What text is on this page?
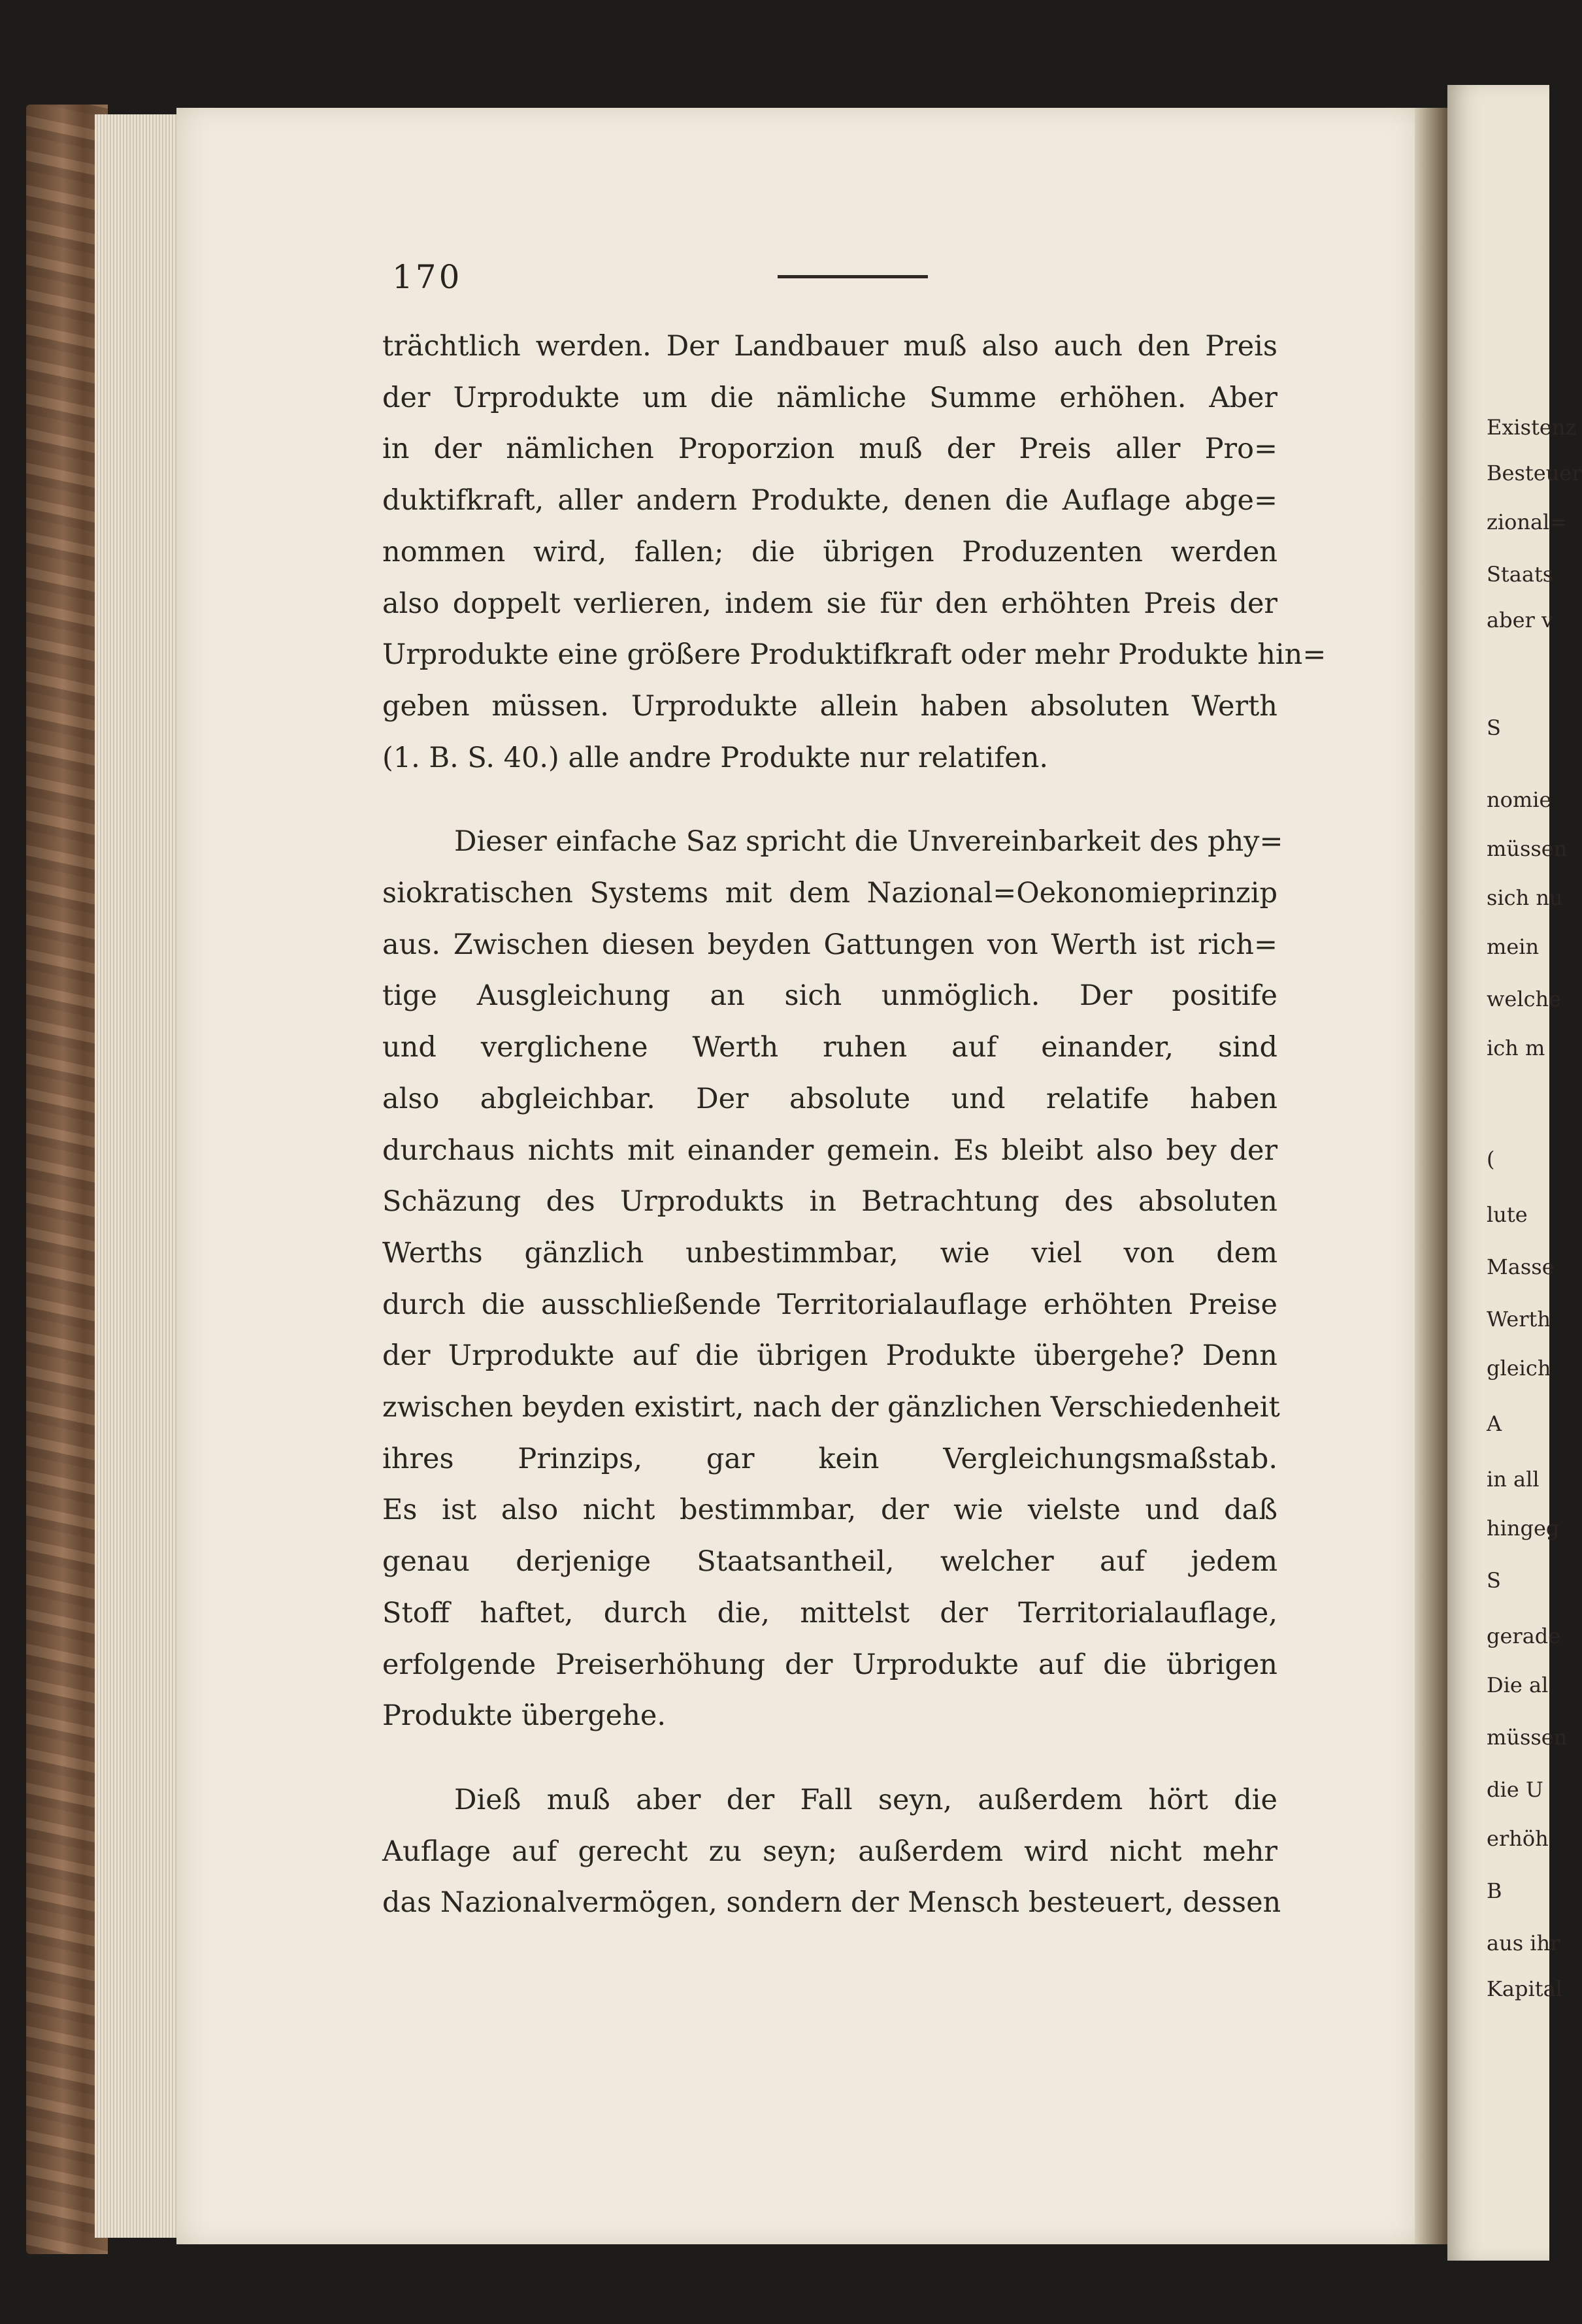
Existenz
Besteuer
zional=
Staats
aber v
S
nomie
müssen
sich nu
mein
welche
ich m
(
lute
Masse
Werth
gleich
A
in all
hingeg
S
gerade
Die al
müssen
die U
erhöh
B
aus ihr
Kapital
170
trächtlich werden. Der Landbauer muß also auch den Preis
der Urprodukte um die nämliche Summe erhöhen. Aber
in der nämlichen Proporzion muß der Preis aller Pro=
duktifkraft, aller andern Produkte, denen die Auflage abge=
nommen wird, fallen; die übrigen Produzenten werden
also doppelt verlieren, indem sie für den erhöhten Preis der
Urprodukte eine größere Produktifkraft oder mehr Produkte hin=
geben müssen. Urprodukte allein haben absoluten Werth
(1. B. S. 40.) alle andre Produkte nur relatifen.
Dieser einfache Saz spricht die Unvereinbarkeit des phy=
siokratischen Systems mit dem Nazional=Oekonomieprinzip
aus. Zwischen diesen beyden Gattungen von Werth ist rich=
tige Ausgleichung an sich unmöglich. Der positife
und verglichene Werth ruhen auf einander, sind
also abgleichbar. Der absolute und relatife haben
durchaus nichts mit einander gemein. Es bleibt also bey der
Schäzung des Urprodukts in Betrachtung des absoluten
Werths gänzlich unbestimmbar, wie viel von dem
durch die ausschließende Territorialauflage erhöhten Preise
der Urprodukte auf die übrigen Produkte übergehe? Denn
zwischen beyden existirt, nach der gänzlichen Verschiedenheit
ihres Prinzips, gar kein Vergleichungsmaßstab.
Es ist also nicht bestimmbar, der wie vielste und daß
genau derjenige Staatsantheil, welcher auf jedem
Stoff haftet, durch die, mittelst der Territorialauflage,
erfolgende Preiserhöhung der Urprodukte auf die übrigen
Produkte übergehe.
Dieß muß aber der Fall seyn, außerdem hört die
Auflage auf gerecht zu seyn; außerdem wird nicht mehr
das Nazionalvermögen, sondern der Mensch besteuert, dessen
